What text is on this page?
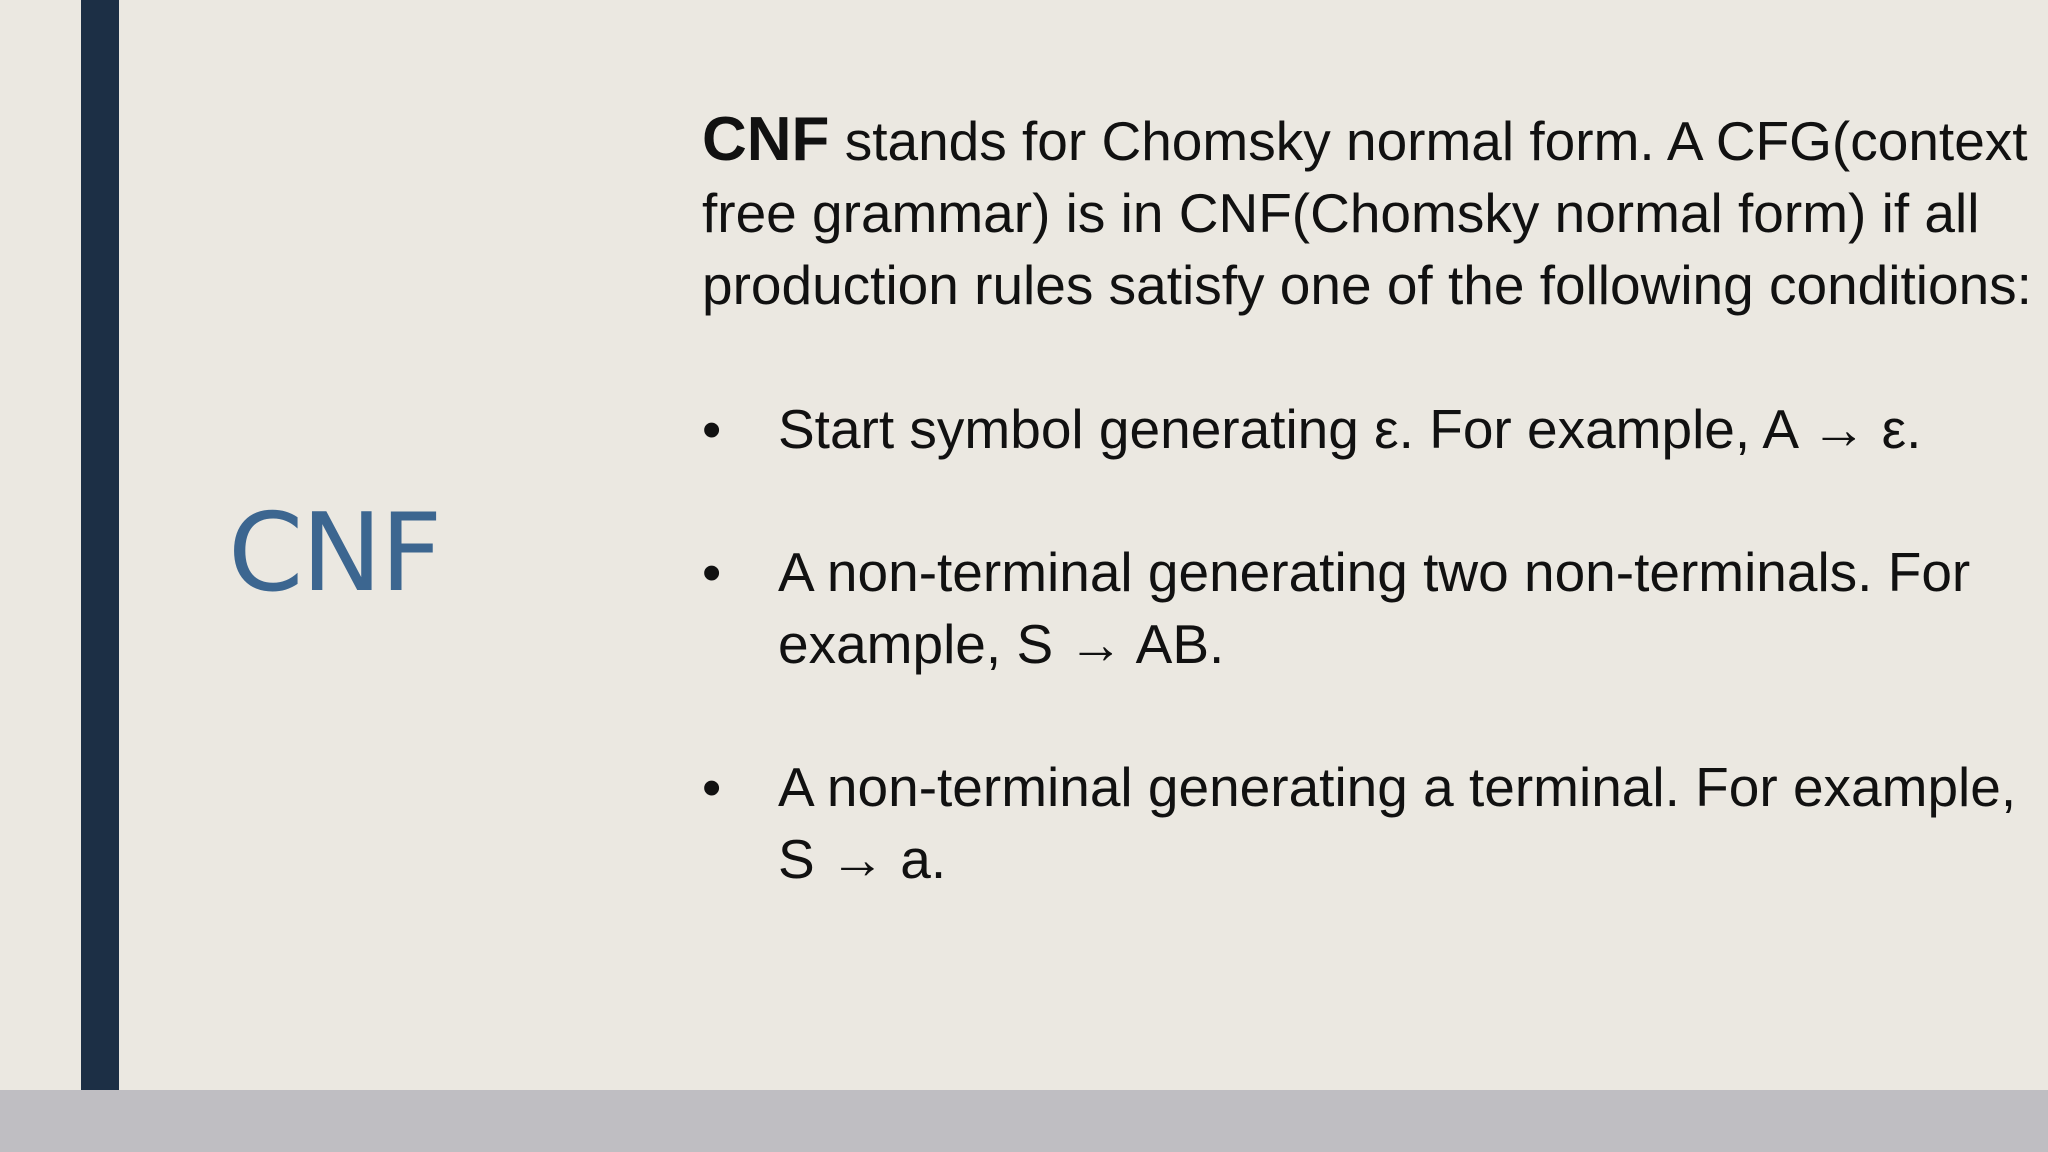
CNF

CNF stands for Chomsky normal form. A CFG(context free grammar) is in CNF(Chomsky normal form) if all production rules satisfy one of the following conditions:

• Start symbol generating ε. For example, A → ε.
• A non-terminal generating two non-terminals. For example, S → AB.
• A non-terminal generating a terminal. For example, S → a.
